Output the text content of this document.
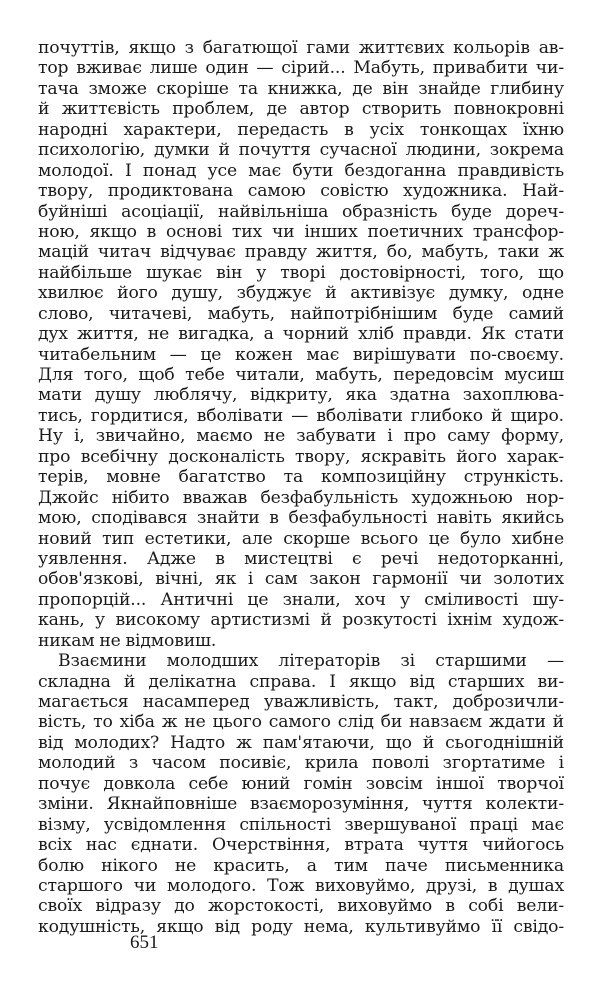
почуттів, якщо з багатющої гами життєвих кольорів ав-
тор вживає лише один — сірий... Мабуть, привабити чи-
тача зможе скоріше та книжка, де він знайде глибину
й життєвість проблем, де автор створить повнокровні
народні характери, передасть в усіх тонкощах їхню
психологію, думки й почуття сучасної людини, зокрема
молодої. І понад усе має бути бездоганна правдивість
твору, продиктована самою совістю художника. Най-
буйніші асоціації, найвільніша образність буде дореч-
ною, якщо в основі тих чи інших поетичних трансфор-
мацій читач відчуває правду життя, бо, мабуть, таки ж
найбільше шукає він у творі достовірності, того, що
хвилює його душу, збуджує й активізує думку, одне
слово, читачеві, мабуть, найпотрібнішим буде самий
дух життя, не вигадка, а чорний хліб правди. Як стати
читабельним — це кожен має вирішувати по-своєму.
Для того, щоб тебе читали, мабуть, передовсім мусиш
мати душу люблячу, відкриту, яка здатна захоплюва-
тись, гордитися, вболівати — вболівати глибоко й щиро.
Ну і, звичайно, маємо не забувати і про саму форму,
про всебічну досконалість твору, яскравіть його харак-
терів, мовне багатство та композиційну стрункість.
Джойс нібито вважав безфабульність художньою нор-
мою, сподівався знайти в безфабульності навіть якийсь
новий тип естетики, але скорше всього це було хибне
уявлення. Адже в мистецтві є речі недоторканні,
обов'язкові, вічні, як і сам закон гармонії чи золотих
пропорцій... Античні це знали, хоч у сміливості шу-
кань, у високому артистизмі й розкутості іхнім худож-
никам не відмовиш.
Взаємини молодших літераторів зі старшими —
складна й делікатна справа. І якщо від старших ви-
магається насамперед уважливість, такт, доброзичли-
вість, то хіба ж не цього самого слід би навзаєм ждати й
від молодих? Надто ж пам'ятаючи, що й сьогоднішній
молодий з часом посивіє, крила поволі згортатиме і
почує довкола себе юний гомін зовсім іншої творчої
зміни. Якнайповніше взаєморозуміння, чуття колекти-
візму, усвідомлення спільності звершуваної праці має
всіх нас єднати. Очерствіння, втрата чуття чийогось
болю нікого не красить, а тим паче письменника
старшого чи молодого. Тож виховуймо, друзі, в душах
своїх відразу до жорстокості, виховуймо в собі вели-
кодушність, якщо від роду нема, культивуймо її свідо-
651
